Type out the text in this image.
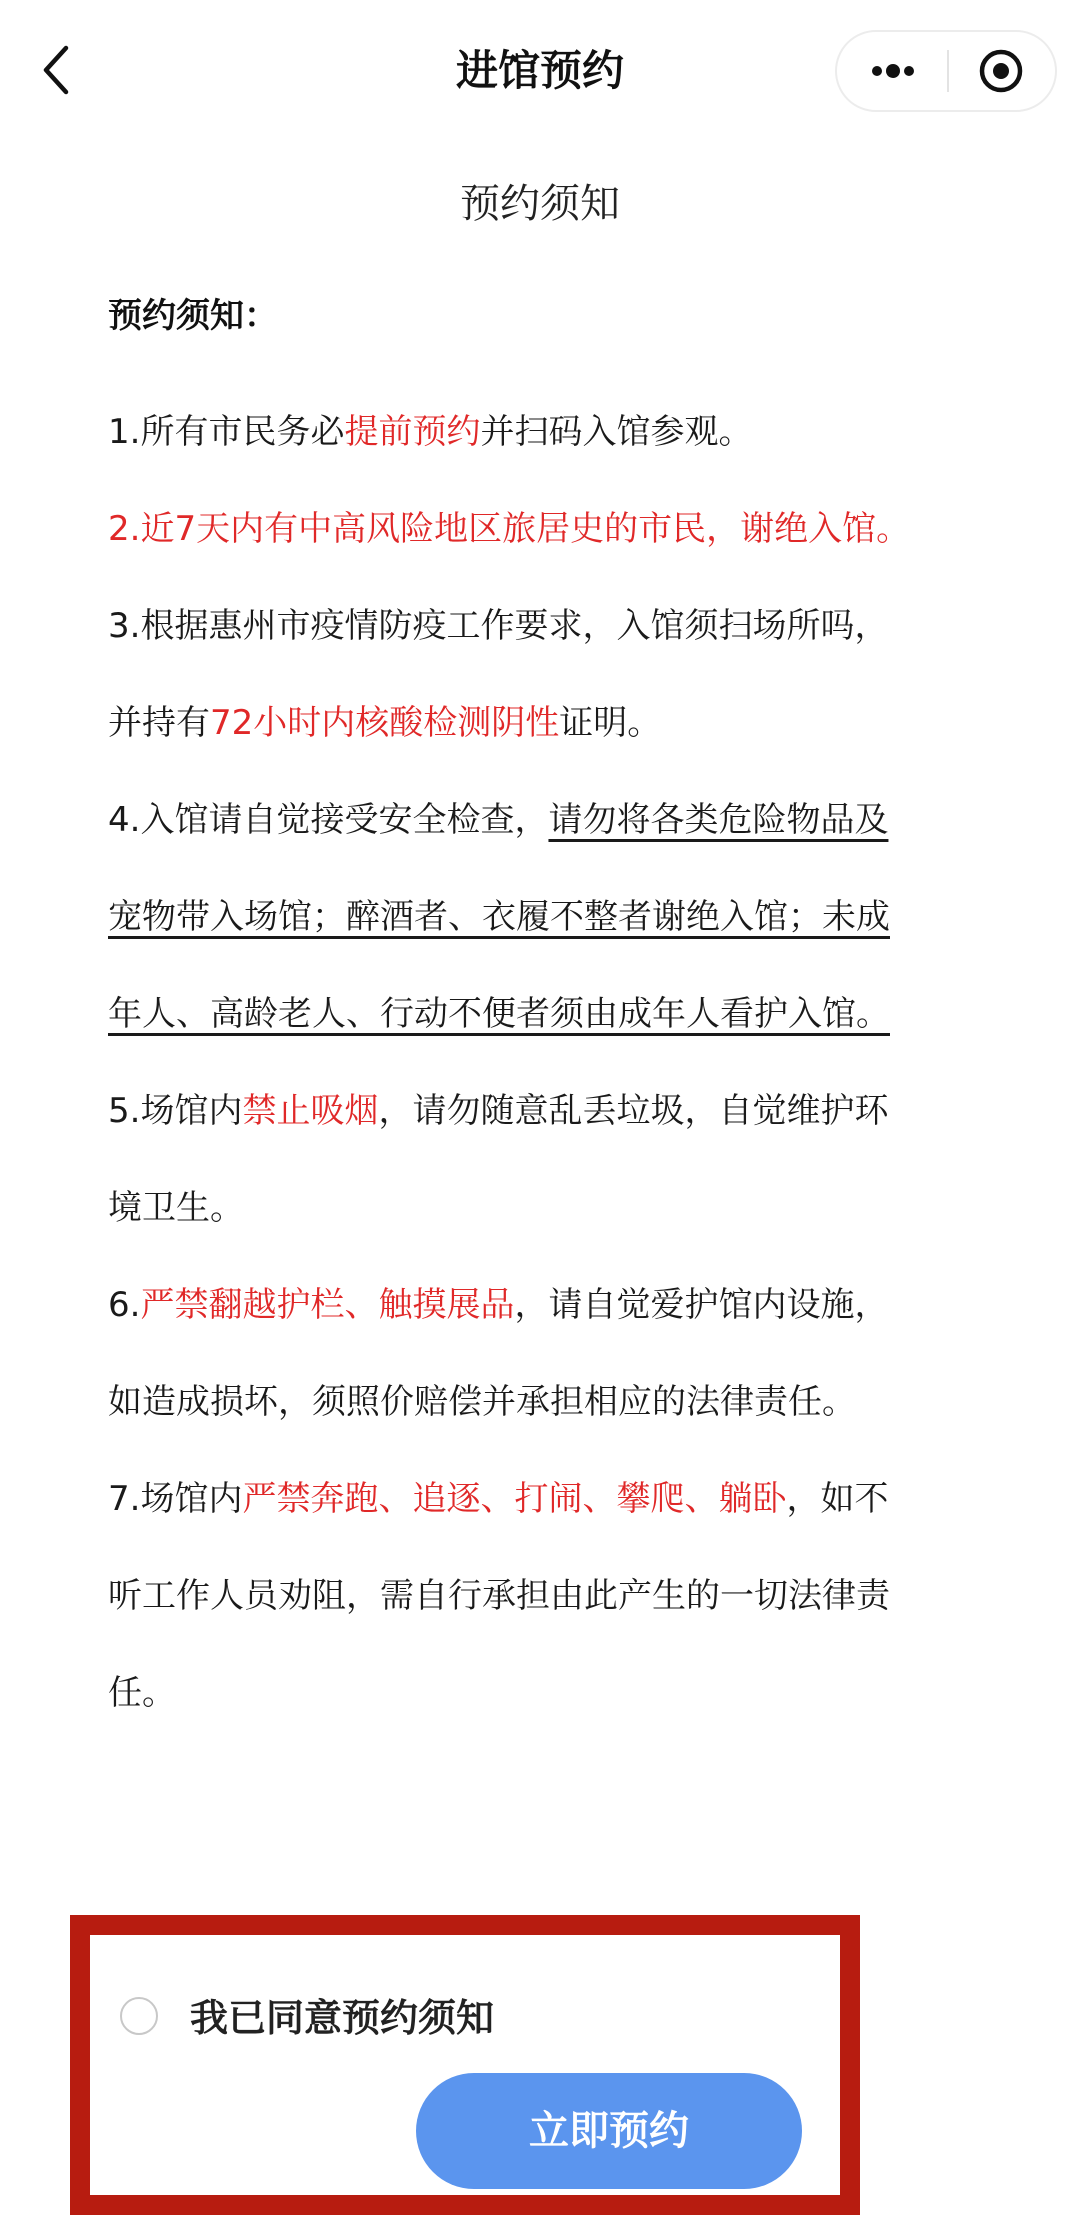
进馆预约
预约须知
预约须知：

1.所有市民务必提前预约并扫码入馆参观。

2.近7天内有中高风险地区旅居史的市民，谢绝入馆。

3.根据惠州市疫情防疫工作要求，入馆须扫场所吗，

并持有72小时内核酸检测阴性证明。

4.入馆请自觉接受安全检查，请勿将各类危险物品及

宠物带入场馆；醉酒者、衣履不整者谢绝入馆；未成

年人、高龄老人、行动不便者须由成年人看护入馆。

5.场馆内禁止吸烟，请勿随意乱丢垃圾，自觉维护环

境卫生。

6.严禁翻越护栏、触摸展品，请自觉爱护馆内设施，

如造成损坏，须照价赔偿并承担相应的法律责任。

7.场馆内严禁奔跑、追逐、打闹、攀爬、躺卧，如不

听工作人员劝阻，需自行承担由此产生的一切法律责

任。

我已同意预约须知
立即预约
